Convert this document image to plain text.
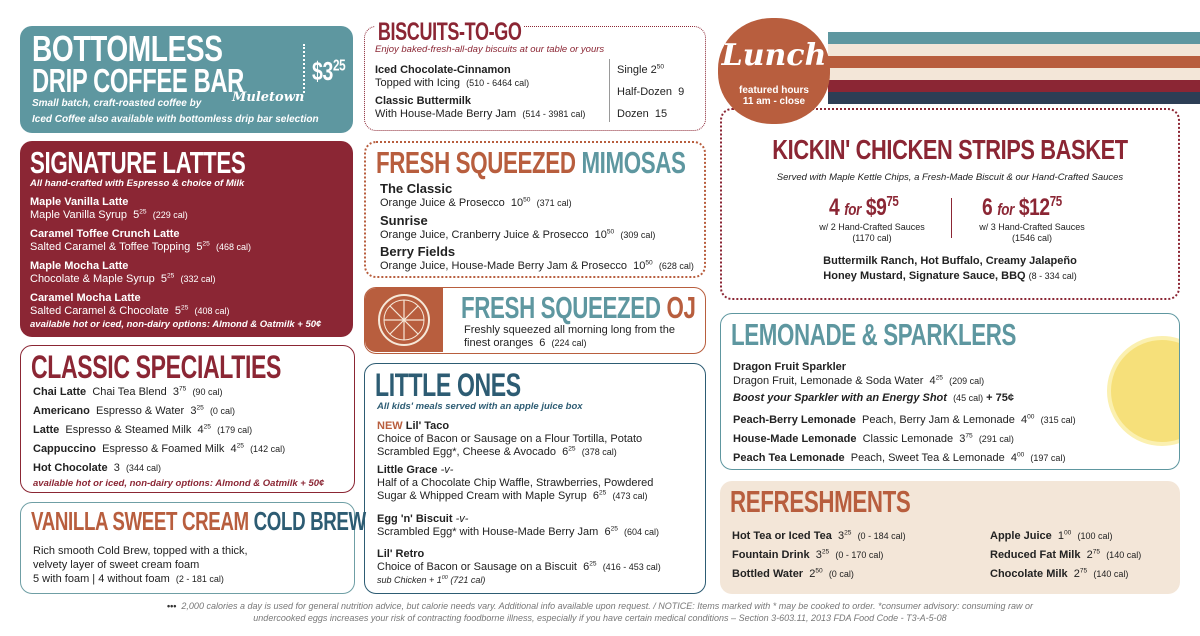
BOTTOMLESS
DRIP COFFEE BAR
Small batch, craft-roasted coffee by Muletown
Iced Coffee also available with bottomless drip bar selection
$\$3^{25}$
SIGNATURE LATTES
All hand-crafted with Espresso & choice of Milk
Maple Vanilla Latte
Maple Vanilla Syrup $5^{25}$ (229 cal)
Caramel Toffee Crunch Latte
Salted Caramel & Toffee Topping $5^{25}$ (468 cal)
Maple Mocha Latte
Chocolate & Maple Syrup $5^{25}$ (332 cal)
Caramel Mocha Latte
Salted Caramel & Chocolate $5^{25}$ (408 cal)
available hot or iced, non-dairy options: Almond & Oatmilk + 50¢
CLASSIC SPECIALTIES
Chai Latte Chai Tea Blend $3^{75}$ (90 cal)
Americano Espresso & Water $3^{25}$ (0 cal)
Latte Espresso & Steamed Milk $4^{25}$ (179 cal)
Cappuccino Espresso & Foamed Milk $4^{25}$ (142 cal)
Hot Chocolate 3 (344 cal)
available hot or iced, non-dairy options: Almond & Oatmilk + 50¢
VANILLA SWEET CREAM COLD BREW
Rich smooth Cold Brew, topped with a thick,
velvety layer of sweet cream foam
5 with foam | 4 without foam (2 - 181 cal)
BISCUITS-TO-GO
Enjoy baked-fresh-all-day biscuits at our table or yours
Iced Chocolate-Cinnamon
Topped with Icing (510 - 6464 cal)
Classic Buttermilk
With House-Made Berry Jam (514 - 3981 cal)
Single $2^{50}$
Half-Dozen 9
Dozen 15
FRESH SQUEEZED MIMOSAS
The Classic
Orange Juice & Prosecco $10^{50}$ (371 cal)
Sunrise
Orange Juice, Cranberry Juice & Prosecco $10^{50}$ (309 cal)
Berry Fields
Orange Juice, House-Made Berry Jam & Prosecco $10^{50}$ (628 cal)
FRESH SQUEEZED OJ
Freshly squeezed all morning long from the
finest oranges 6 (224 cal)
LITTLE ONES
All kids' meals served with an apple juice box
NEW Lil' Taco
Choice of Bacon or Sausage on a Flour Tortilla, Potato
Scrambled Egg*, Cheese & Avocado $6^{25}$ (378 cal)
Little Grace -v-
Half of a Chocolate Chip Waffle, Strawberries, Powdered
Sugar & Whipped Cream with Maple Syrup $6^{25}$ (473 cal)
Egg 'n' Biscuit -v-
Scrambled Egg* with House-Made Berry Jam $6^{25}$ (604 cal)
Lil' Retro
Choice of Bacon or Sausage on a Biscuit $6^{25}$ (416 - 453 cal)
sub Chicken + $1^{00}$ (721 cal)
KICKIN' CHICKEN STRIPS BASKET
Served with Maple Kettle Chips, a Fresh-Made Biscuit & our Hand-Crafted Sauces
4 for $\$9^{75}$
w/ 2 Hand-Crafted Sauces
(1170 cal)
6 for $\$12^{75}$
w/ 3 Hand-Crafted Sauces
(1546 cal)
Buttermilk Ranch, Hot Buffalo, Creamy Jalapeño
Honey Mustard, Signature Sauce, BBQ (8 - 334 cal)
Lunch
featured hours
11 am - close
LEMONADE & SPARKLERS
Dragon Fruit Sparkler
Dragon Fruit, Lemonade & Soda Water $4^{25}$ (209 cal)
Boost your Sparkler with an Energy Shot (45 cal) + 75¢
Peach-Berry Lemonade Peach, Berry Jam & Lemonade $4^{00}$ (315 cal)
House-Made Lemonade Classic Lemonade $3^{75}$ (291 cal)
Peach Tea Lemonade Peach, Sweet Tea & Lemonade $4^{00}$ (197 cal)
REFRESHMENTS
Hot Tea or Iced Tea $3^{25}$ (0 - 184 cal)
Fountain Drink $3^{25}$ (0 - 170 cal)
Bottled Water $2^{50}$ (0 cal)
Apple Juice $1^{00}$ (100 cal)
Reduced Fat Milk $2^{75}$ (140 cal)
Chocolate Milk $2^{75}$ (140 cal)
••• 2,000 calories a day is used for general nutrition advice, but calorie needs vary. Additional info available upon request. / NOTICE: Items marked with * may be cooked to order. *consumer advisory: consuming raw or
undercooked eggs increases your risk of contracting foodborne illness, especially if you have certain medical conditions – Section 3-603.11, 2013 FDA Food Code - T3-A-5-08
